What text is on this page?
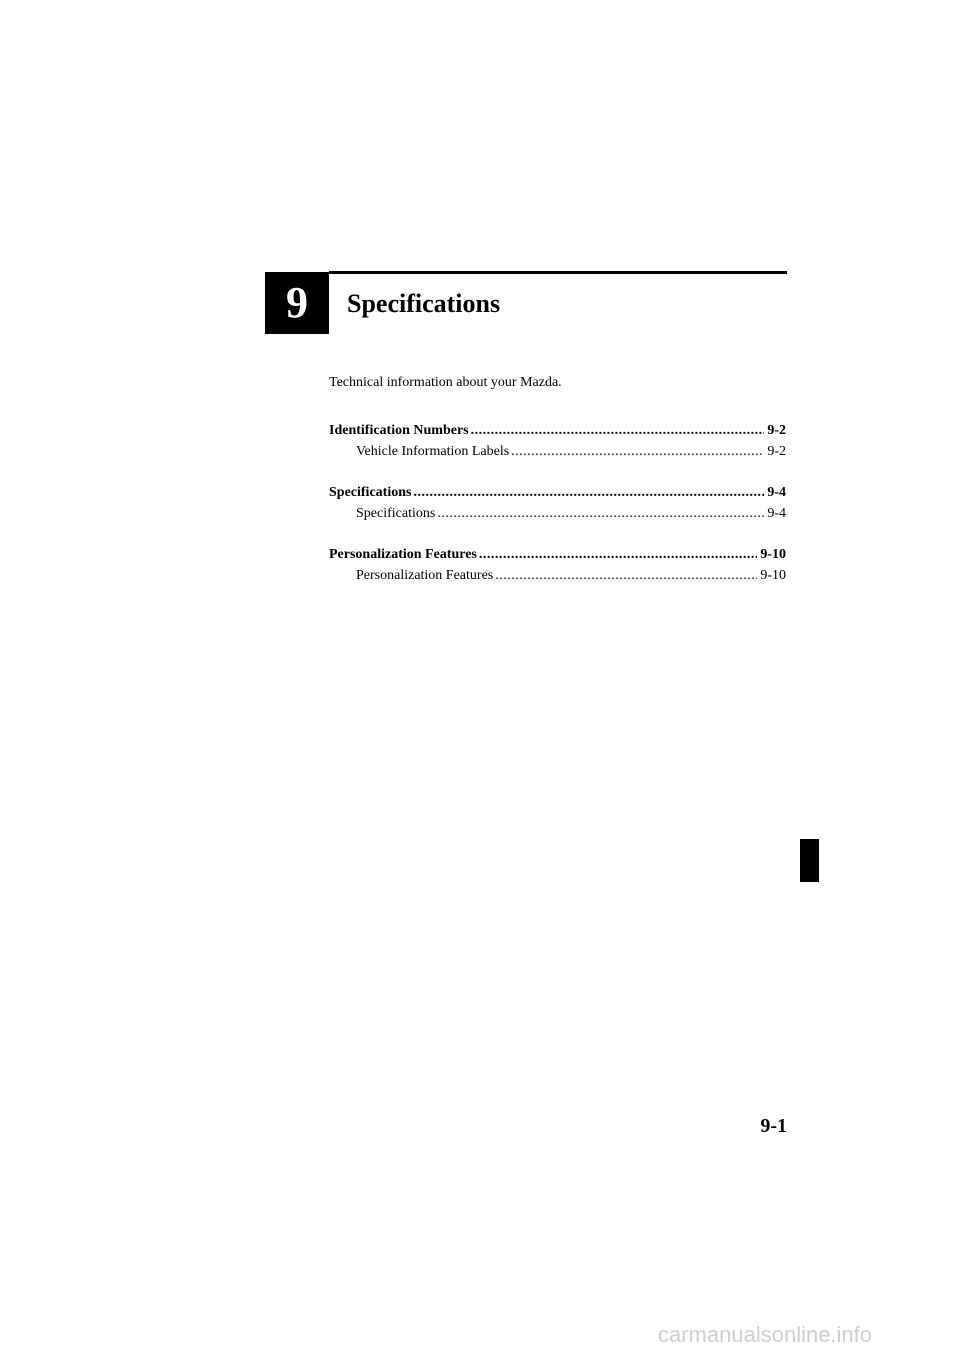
9 Specifications
Technical information about your Mazda.
Identification Numbers .....	9-2
Vehicle Information Labels .....	9-2
Specifications .....	9-4
Specifications .....	9-4
Personalization Features .....	9-10
Personalization Features .....	9-10
9-1
carmanualsonline.info
